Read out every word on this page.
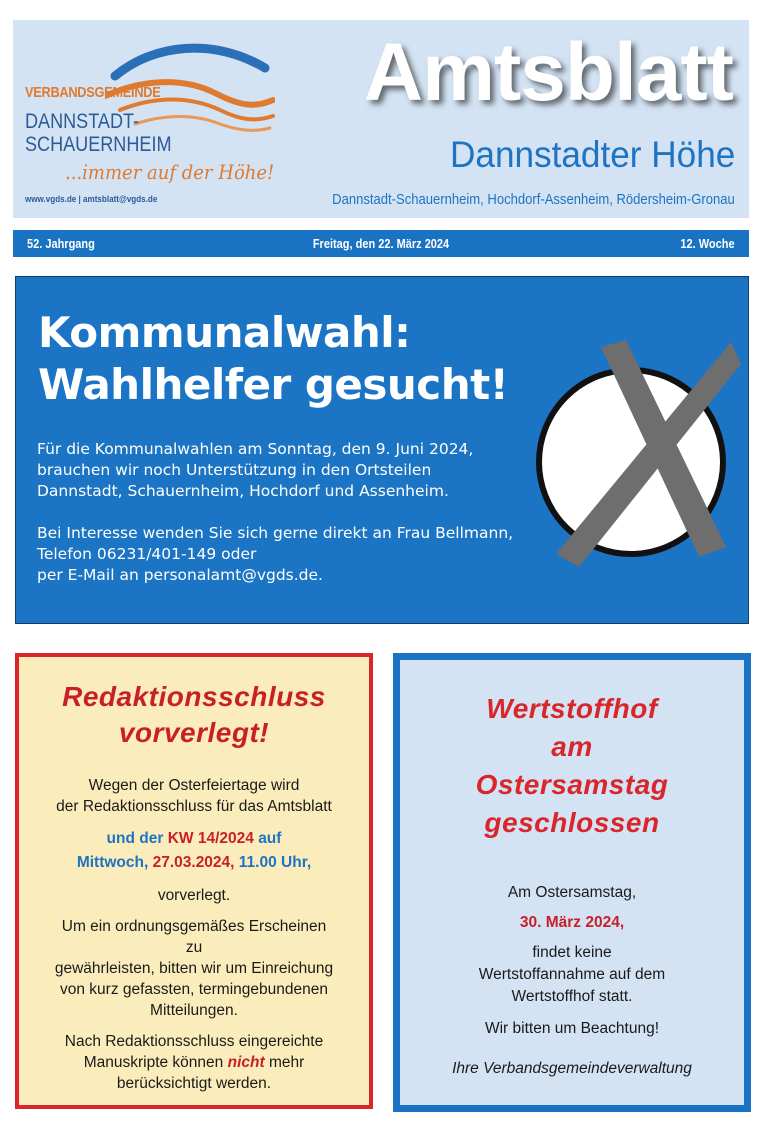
VERBANDSGEMEINDE
DANNSTADT-
SCHAUERNHEIM
...immer auf der Höhe!
www.vgds.de | amtsblatt@vgds.de
Amtsblatt
Dannstadter Höhe
Dannstadt-Schauernheim, Hochdorf-Assenheim, Rödersheim-Gronau
52. Jahrgang	Freitag, den 22. März 2024	12. Woche
Kommunalwahl:
Wahlhelfer gesucht!

Für die Kommunalwahlen am Sonntag, den 9. Juni 2024,
brauchen wir noch Unterstützung in den Ortsteilen
Dannstadt, Schauernheim, Hochdorf und Assenheim.

Bei Interesse wenden Sie sich gerne direkt an Frau Bellmann,
Telefon 06231/401-149 oder
per E-Mail an personalamt@vgds.de.

Redaktionsschluss
vorverlegt!

Wegen der Osterfeiertage wird
der Redaktionsschluss für das Amtsblatt

und der KW 14/2024 auf
Mittwoch, 27.03.2024, 11.00 Uhr,

vorverlegt.

Um ein ordnungsgemäßes Erscheinen
zu
gewährleisten, bitten wir um Einreichung
von kurz gefassten, termingebundenen
Mitteilungen.

Nach Redaktionsschluss eingereichte
Manuskripte können nicht mehr
berücksichtigt werden.

Wertstoffhof
am
Ostersamstag
geschlossen

Am Ostersamstag,

30. März 2024,

findet keine

Wertstoffannahme auf dem

Wertstoffhof statt.

Wir bitten um Beachtung!

Ihre Verbandsgemeindeverwaltung
